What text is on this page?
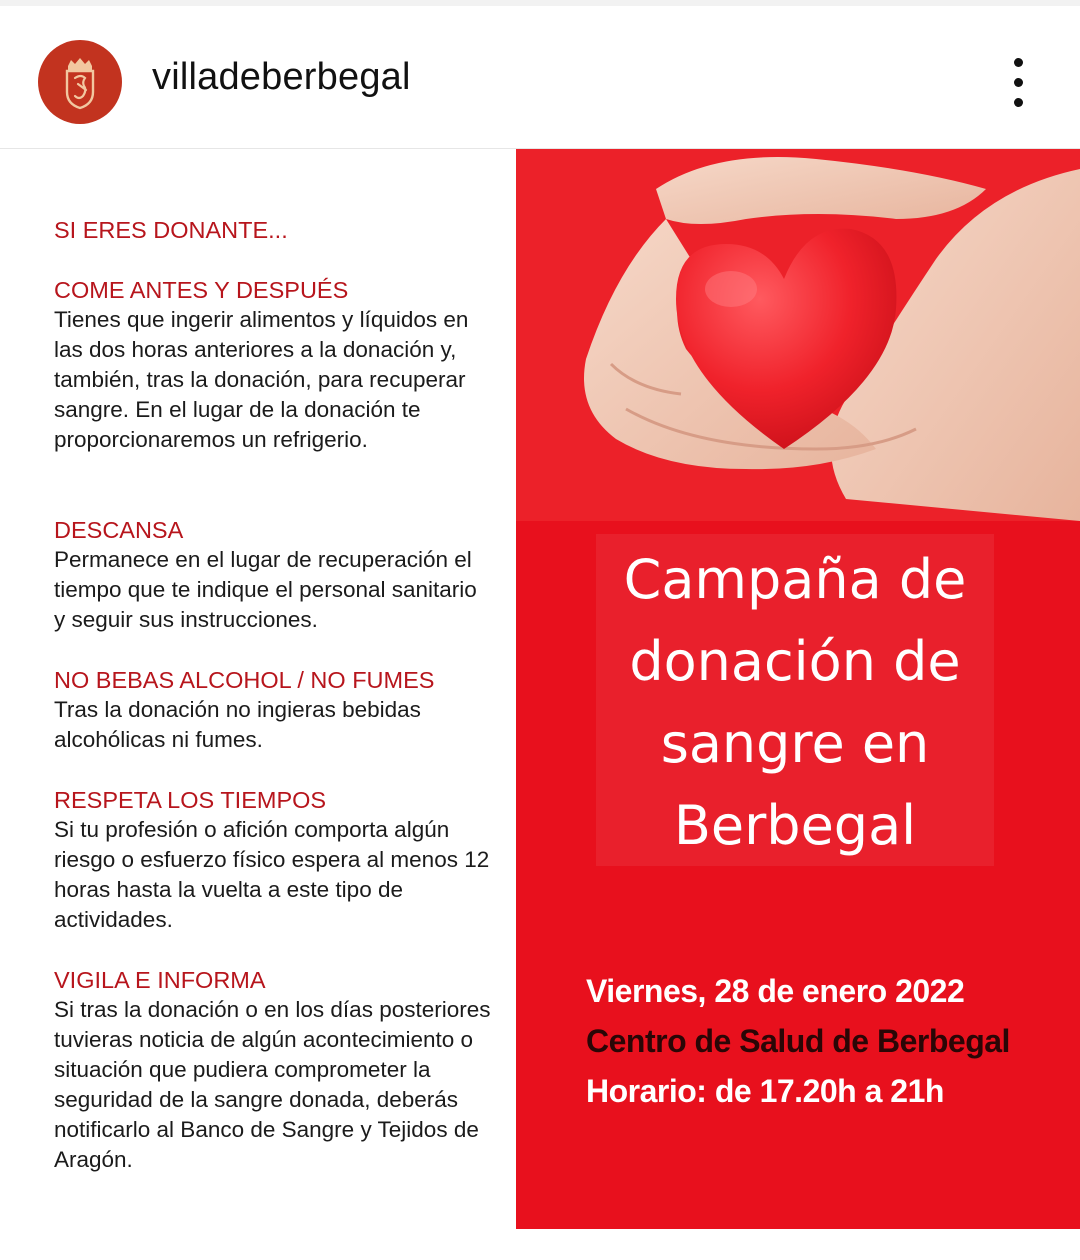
villadeberbegal
SI ERES DONANTE...
COME ANTES Y DESPUÉS
Tienes que ingerir alimentos y líquidos en las dos horas anteriores a la donación y, también, tras la donación, para recuperar sangre. En el lugar de la donación te proporcionaremos un refrigerio.
DESCANSA
Permanece en el lugar de recuperación el tiempo que te indique el personal sanitario y seguir sus instrucciones.
NO BEBAS ALCOHOL / NO FUMES
Tras la donación no ingieras bebidas alcohólicas ni fumes.
RESPETA LOS TIEMPOS
Si tu profesión o afición comporta algún riesgo o esfuerzo físico espera al menos 12 horas hasta la vuelta a este tipo de actividades.
VIGILA E INFORMA
Si tras la donación o en los días posteriores tuvieras noticia de algún acontecimiento o situación que pudiera comprometer la seguridad de la sangre donada, deberás notificarlo al Banco de Sangre y Tejidos de Aragón.
Campaña de
donación de
sangre en
Berbegal
Viernes, 28 de enero 2022
Centro de Salud de Berbegal
Horario: de 17.20h a 21h
